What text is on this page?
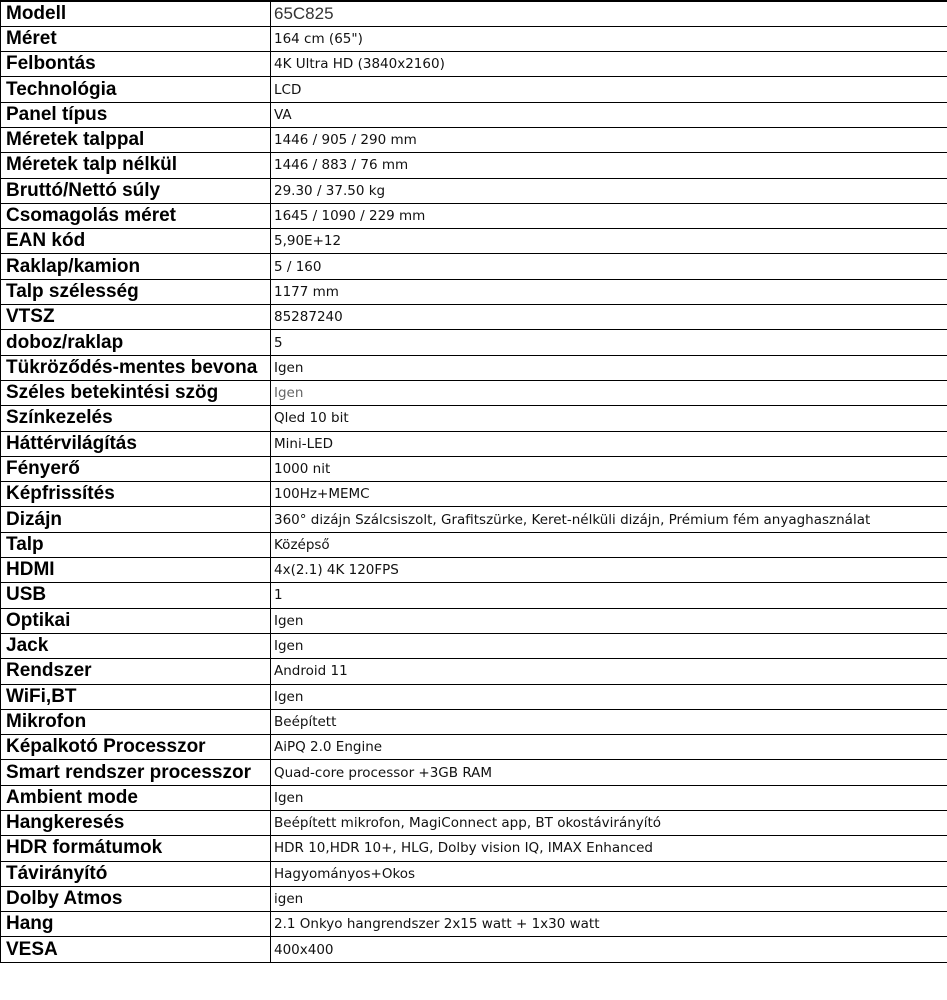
Modell	65C825
Méret	164 cm (65")
Felbontás	4K Ultra HD (3840x2160)
Technológia	LCD
Panel típus	VA
Méretek talppal	1446 / 905 / 290 mm
Méretek talp nélkül	1446 / 883 / 76 mm
Bruttó/Nettó súly	29.30 / 37.50 kg
Csomagolás méret	1645 / 1090 / 229 mm
EAN kód	5,90E+12
Raklap/kamion	5 / 160
Talp szélesség	1177 mm
VTSZ	85287240
doboz/raklap	5
Tükröződés-mentes bevona	Igen
Széles betekintési szög	Igen
Színkezelés	Qled 10 bit
Háttérvilágítás	Mini-LED
Fényerő	1000 nit
Képfrissítés	100Hz+MEMC
Dizájn	360° dizájn Szálcsiszolt, Grafitszürke, Keret-nélküli dizájn, Prémium fém anyaghasználat
Talp	Középső
HDMI	4x(2.1) 4K 120FPS
USB	1
Optikai	Igen
Jack	Igen
Rendszer	Android 11
WiFi,BT	Igen
Mikrofon	Beépített
Képalkotó Processzor	AiPQ 2.0 Engine
Smart rendszer processzor	Quad-core processor +3GB RAM
Ambient mode	Igen
Hangkeresés	Beépített mikrofon, MagiConnect app, BT okostávirányító
HDR formátumok	HDR 10,HDR 10+, HLG, Dolby vision IQ, IMAX Enhanced
Távirányító	Hagyományos+Okos
Dolby Atmos	igen
Hang	2.1 Onkyo hangrendszer 2x15 watt + 1x30 watt
VESA	400x400
